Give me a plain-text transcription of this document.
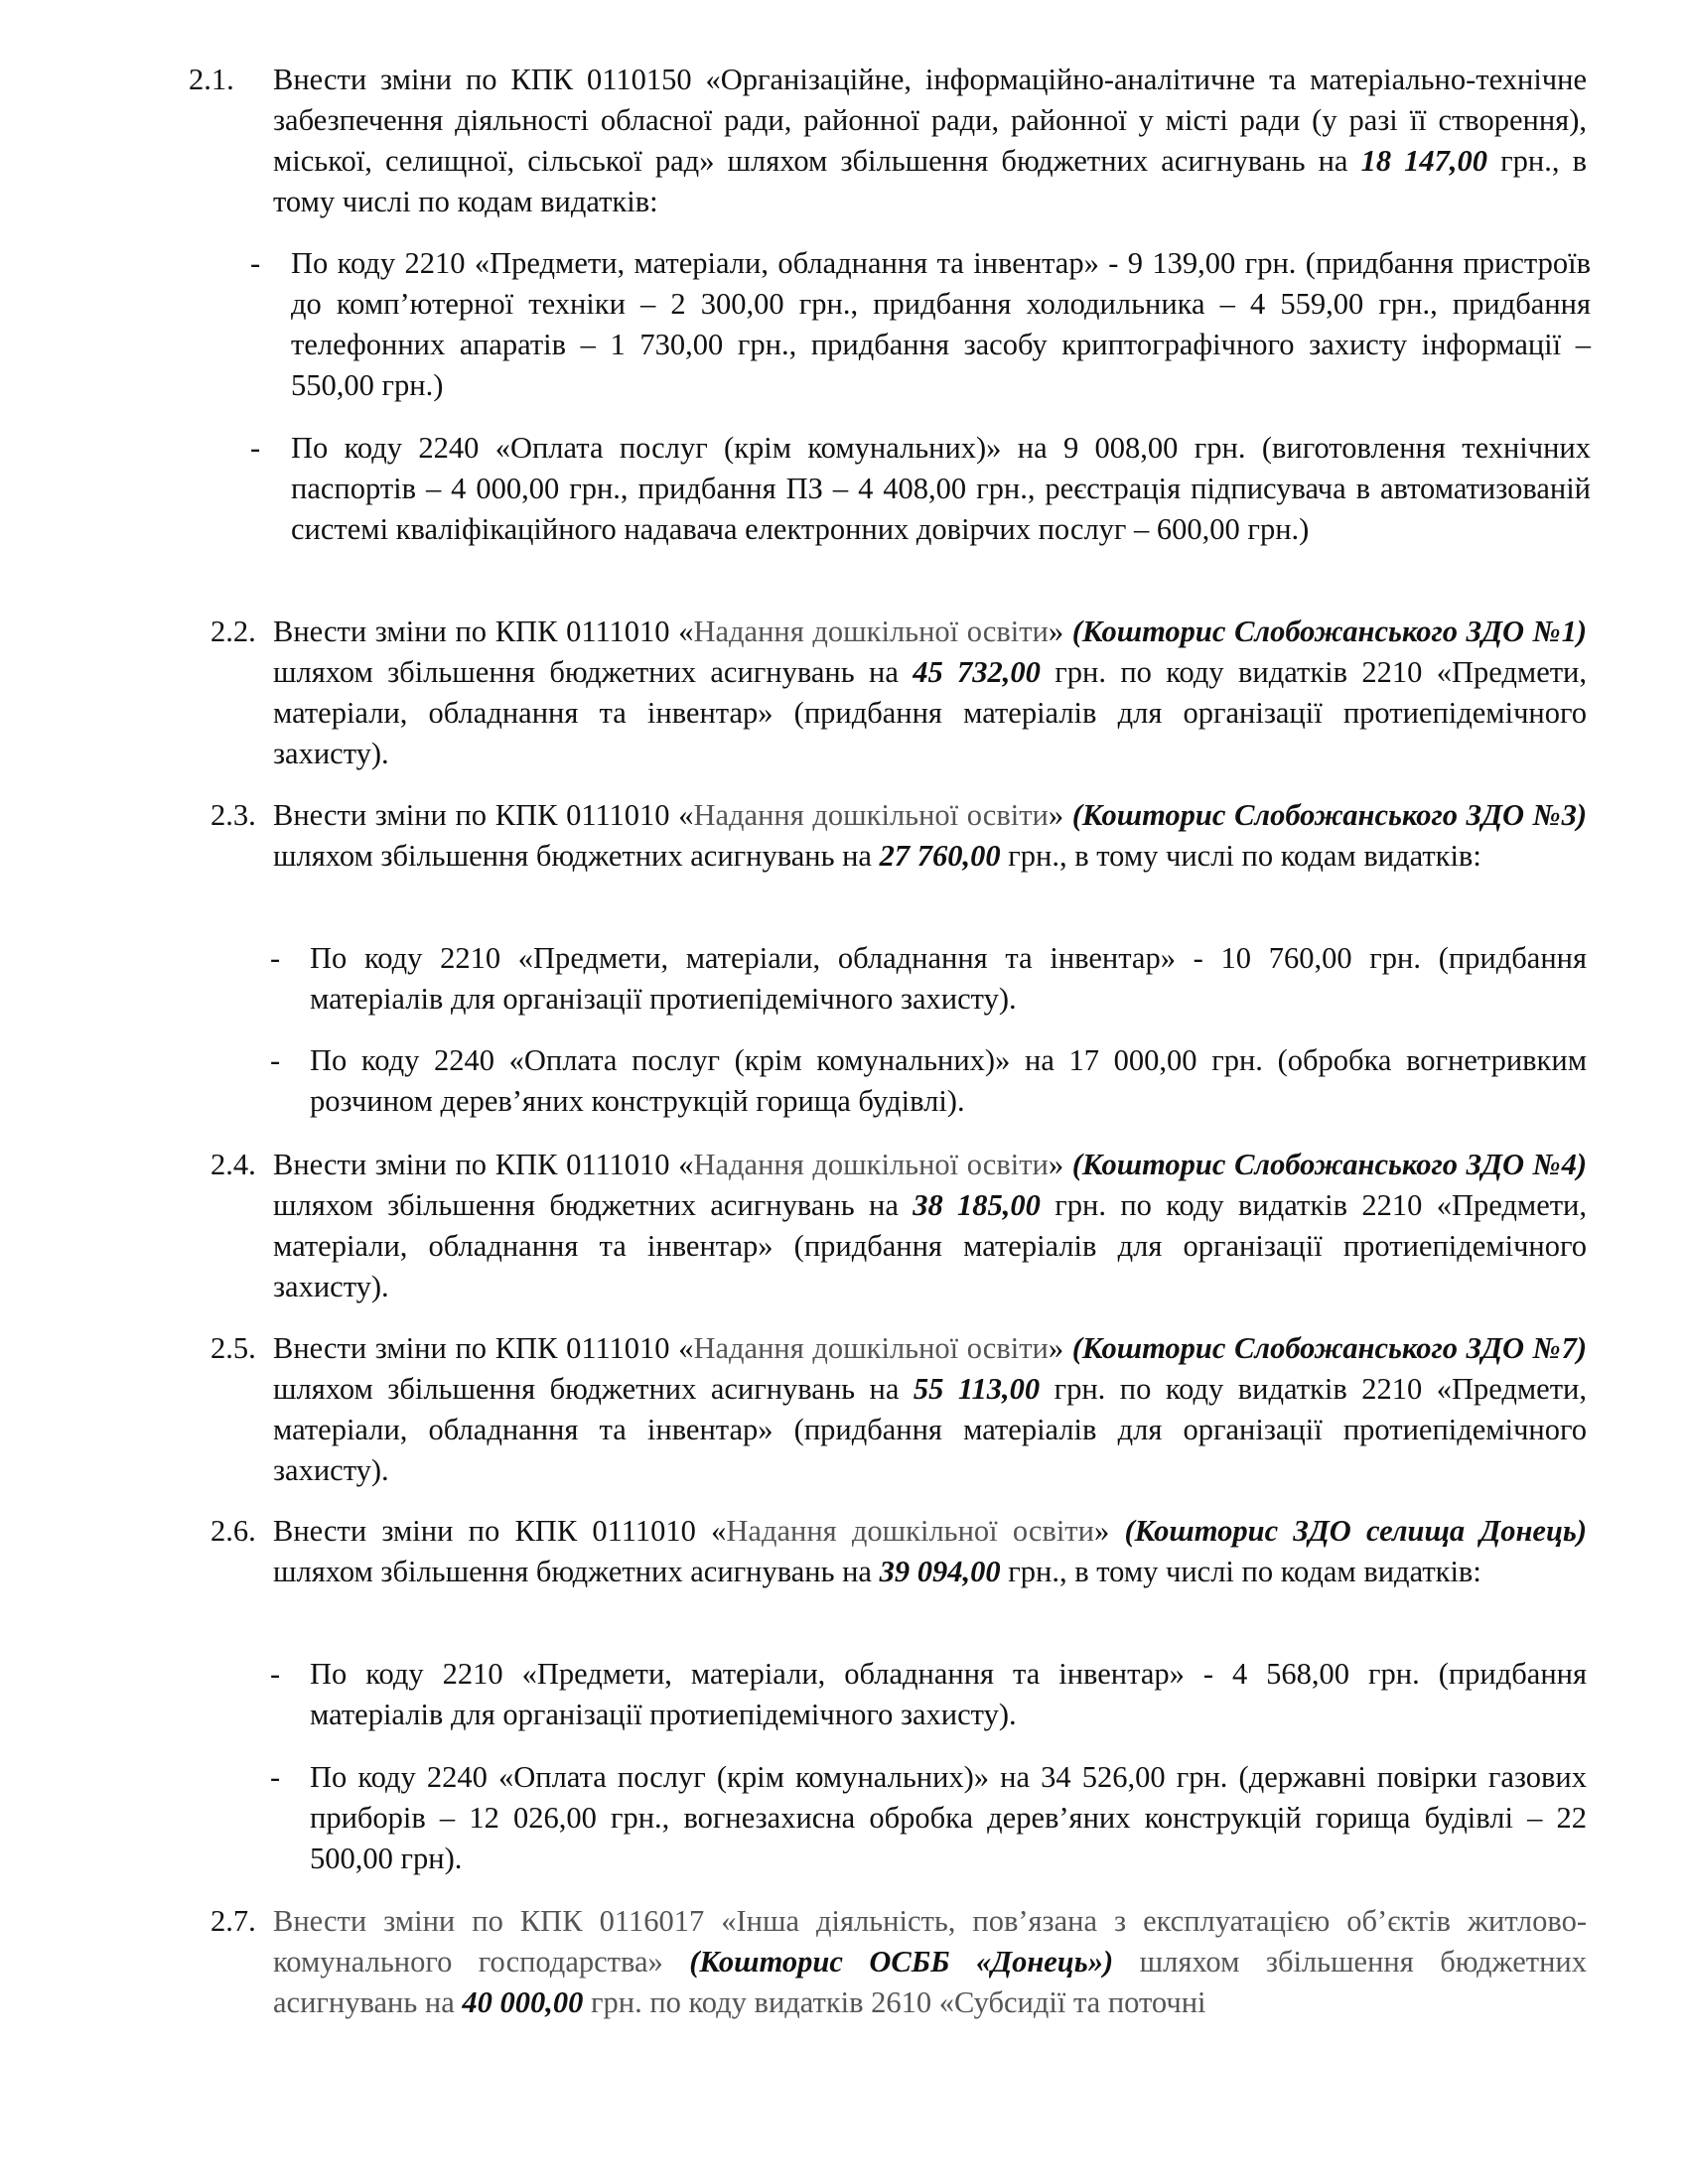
2.1. Внести зміни по КПК 0110150 «Організаційне, інформаційно-аналітичне та матеріально-технічне забезпечення діяльності обласної ради, районної ради, районної у місті ради (у разі її створення), міської, селищної, сільської рад» шляхом збільшення бюджетних асигнувань на 18 147,00 грн., в тому числі по кодам видатків:
- По коду 2210 «Предмети, матеріали, обладнання та інвентар» - 9 139,00 грн. (придбання пристроїв до комп’ютерної техніки – 2 300,00 грн., придбання холодильника – 4 559,00 грн., придбання телефонних апаратів – 1 730,00 грн., придбання засобу криптографічного захисту інформації – 550,00 грн.)
- По коду 2240 «Оплата послуг (крім комунальних)» на 9 008,00 грн. (виготовлення технічних паспортів – 4 000,00 грн., придбання ПЗ – 4 408,00 грн., реєстрація підписувача в автоматизованій системі кваліфікаційного надавача електронних довірчих послуг – 600,00 грн.)
2.2. Внести зміни по КПК 0111010 «Надання дошкільної освіти» (Кошторис Слобожанського ЗДО №1) шляхом збільшення бюджетних асигнувань на 45 732,00 грн. по коду видатків 2210 «Предмети, матеріали, обладнання та інвентар» (придбання матеріалів для організації протиепідемічного захисту).
2.3. Внести зміни по КПК 0111010 «Надання дошкільної освіти» (Кошторис Слобожанського ЗДО №3) шляхом збільшення бюджетних асигнувань на 27 760,00 грн., в тому числі по кодам видатків:
- По коду 2210 «Предмети, матеріали, обладнання та інвентар» - 10 760,00 грн. (придбання матеріалів для організації протиепідемічного захисту).
- По коду 2240 «Оплата послуг (крім комунальних)» на 17 000,00 грн. (обробка вогнетривким розчином дерев’яних конструкцій горища будівлі).
2.4. Внести зміни по КПК 0111010 «Надання дошкільної освіти» (Кошторис Слобожанського ЗДО №4) шляхом збільшення бюджетних асигнувань на 38 185,00 грн. по коду видатків 2210 «Предмети, матеріали, обладнання та інвентар» (придбання матеріалів для організації протиепідемічного захисту).
2.5. Внести зміни по КПК 0111010 «Надання дошкільної освіти» (Кошторис Слобожанського ЗДО №7) шляхом збільшення бюджетних асигнувань на 55 113,00 грн. по коду видатків 2210 «Предмети, матеріали, обладнання та інвентар» (придбання матеріалів для організації протиепідемічного захисту).
2.6. Внести зміни по КПК 0111010 «Надання дошкільної освіти» (Кошторис ЗДО селища Донець) шляхом збільшення бюджетних асигнувань на 39 094,00 грн., в тому числі по кодам видатків:
- По коду 2210 «Предмети, матеріали, обладнання та інвентар» - 4 568,00 грн. (придбання матеріалів для організації протиепідемічного захисту).
- По коду 2240 «Оплата послуг (крім комунальних)» на 34 526,00 грн. (державні повірки газових приборів – 12 026,00 грн., вогнезахисна обробка дерев’яних конструкцій горища будівлі – 22 500,00 грн).
2.7. Внести зміни по КПК 0116017 «Інша діяльність, пов’язана з експлуатацією об’єктів житлово-комунального господарства» (Кошторис ОСББ «Донець») шляхом збільшення бюджетних асигнувань на 40 000,00 грн. по коду видатків 2610 «Субсидії та поточні
